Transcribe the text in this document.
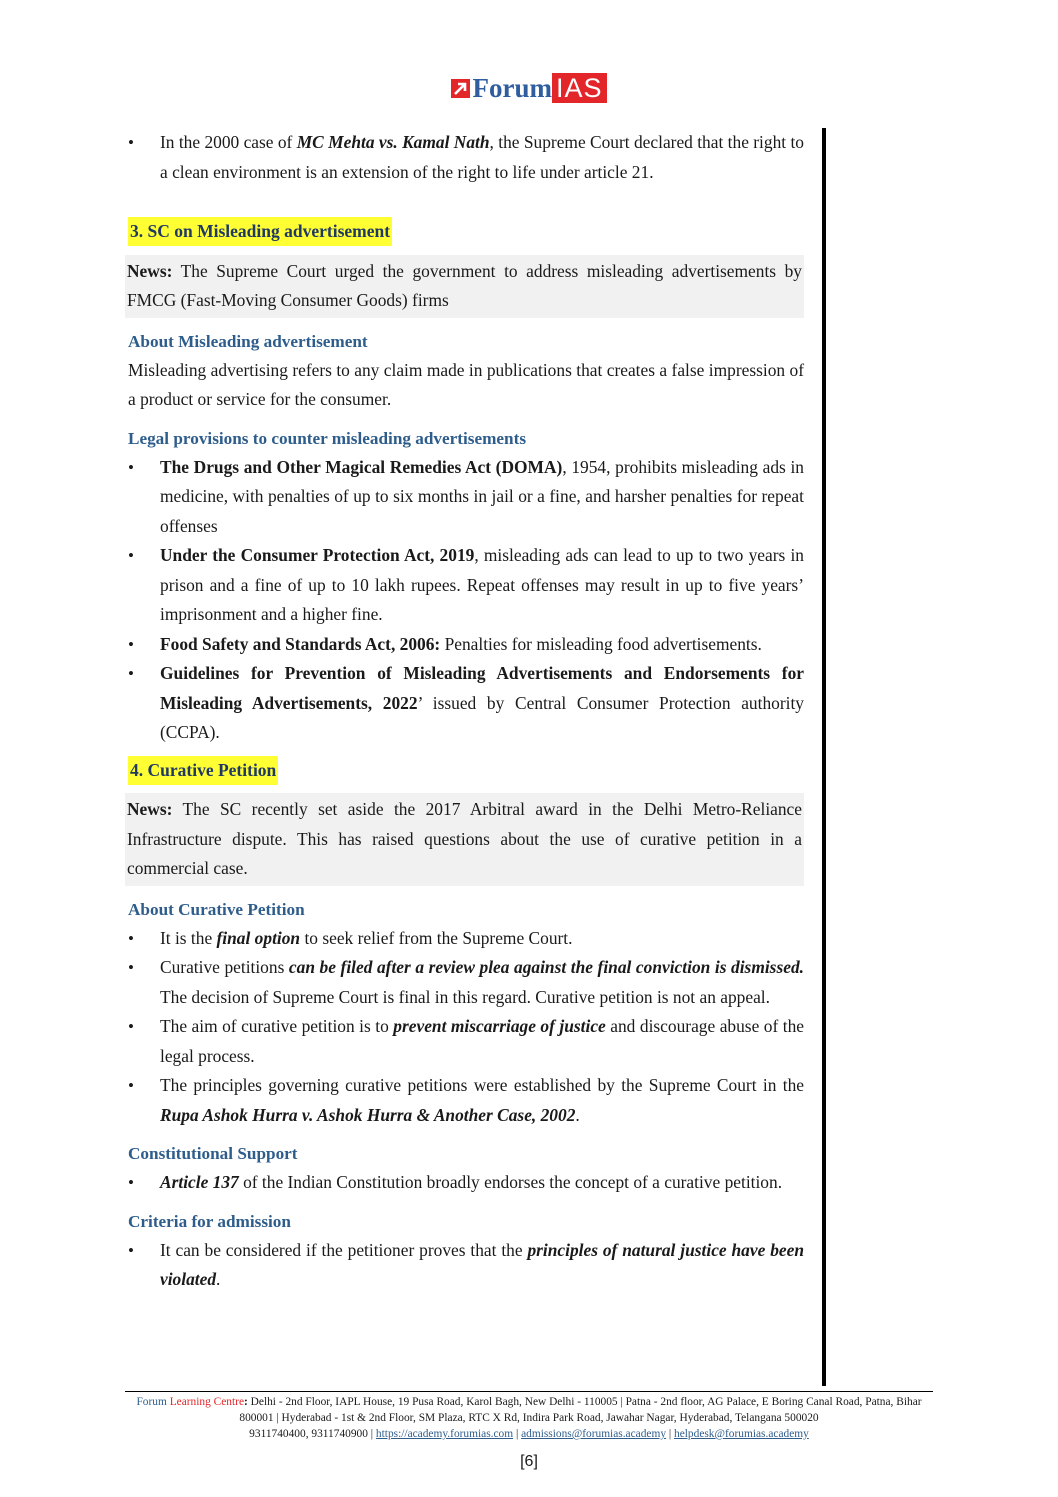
Forum IAS
• In the 2000 case of MC Mehta vs. Kamal Nath, the Supreme Court declared that the right to a clean environment is an extension of the right to life under article 21.
3. SC on Misleading advertisement
News: The Supreme Court urged the government to address misleading advertisements by FMCG (Fast-Moving Consumer Goods) firms
About Misleading advertisement
Misleading advertising refers to any claim made in publications that creates a false impression of a product or service for the consumer.
Legal provisions to counter misleading advertisements
• The Drugs and Other Magical Remedies Act (DOMA), 1954, prohibits misleading ads in medicine, with penalties of up to six months in jail or a fine, and harsher penalties for repeat offenses
• Under the Consumer Protection Act, 2019, misleading ads can lead to up to two years in prison and a fine of up to 10 lakh rupees. Repeat offenses may result in up to five years’ imprisonment and a higher fine.
• Food Safety and Standards Act, 2006: Penalties for misleading food advertisements.
• Guidelines for Prevention of Misleading Advertisements and Endorsements for Misleading Advertisements, 2022’ issued by Central Consumer Protection authority (CCPA).
4. Curative Petition
News: The SC recently set aside the 2017 Arbitral award in the Delhi Metro-Reliance Infrastructure dispute. This has raised questions about the use of curative petition in a commercial case.
About Curative Petition
• It is the final option to seek relief from the Supreme Court.
• Curative petitions can be filed after a review plea against the final conviction is dismissed. The decision of Supreme Court is final in this regard. Curative petition is not an appeal.
• The aim of curative petition is to prevent miscarriage of justice and discourage abuse of the legal process.
• The principles governing curative petitions were established by the Supreme Court in the Rupa Ashok Hurra v. Ashok Hurra & Another Case, 2002.
Constitutional Support
• Article 137 of the Indian Constitution broadly endorses the concept of a curative petition.
Criteria for admission
• It can be considered if the petitioner proves that the principles of natural justice have been violated.
Forum Learning Centre: Delhi - 2nd Floor, IAPL House, 19 Pusa Road, Karol Bagh, New Delhi - 110005 | Patna - 2nd floor, AG Palace, E Boring Canal Road, Patna, Bihar 800001 | Hyderabad - 1st & 2nd Floor, SM Plaza, RTC X Rd, Indira Park Road, Jawahar Nagar, Hyderabad, Telangana 500020
9311740400, 9311740900 | https://academy.forumias.com | admissions@forumias.academy | helpdesk@forumias.academy
[6]
